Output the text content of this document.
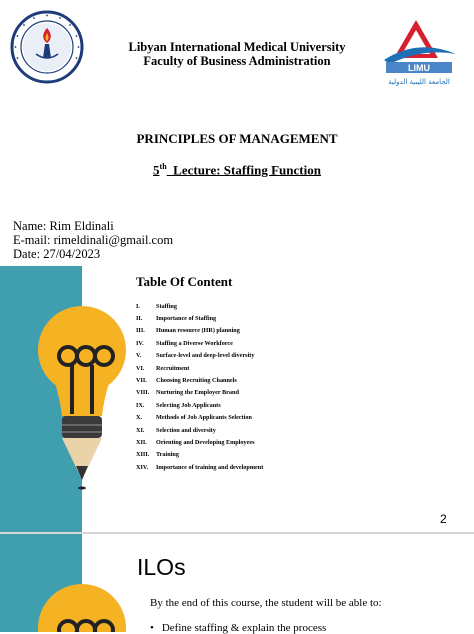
Libyan International Medical University
Faculty of Business Administration	LIMU
الجامعة الليبية الدولية
PRINCIPLES OF MANAGEMENT
5th Lecture: Staffing Function
Name: Rim Eldinali
E-mail: rimeldinali@gmail.com
Date: 27/04/2023
Table Of Content
I.	Staffing
II.	Importance of Staffing
III.	Human resource (HR) planning
IV.	Staffing a Diverse Workforce
V.	Surface-level and deep-level diversity
VI.	Recruitment
VII.	Choosing Recruiting Channels
VIII.	Nurturing the Employer Brand
IX.	Selecting Job Applicants
X.	Methods of Job Applicants Selection
XI.	Selection and diversity
XII.	Orienting and Developing Employees
XIII.	Training
XIV.	Importance of training and development
2
ILOs
By the end of this course, the student will be able to:
• Define staffing & explain the process
